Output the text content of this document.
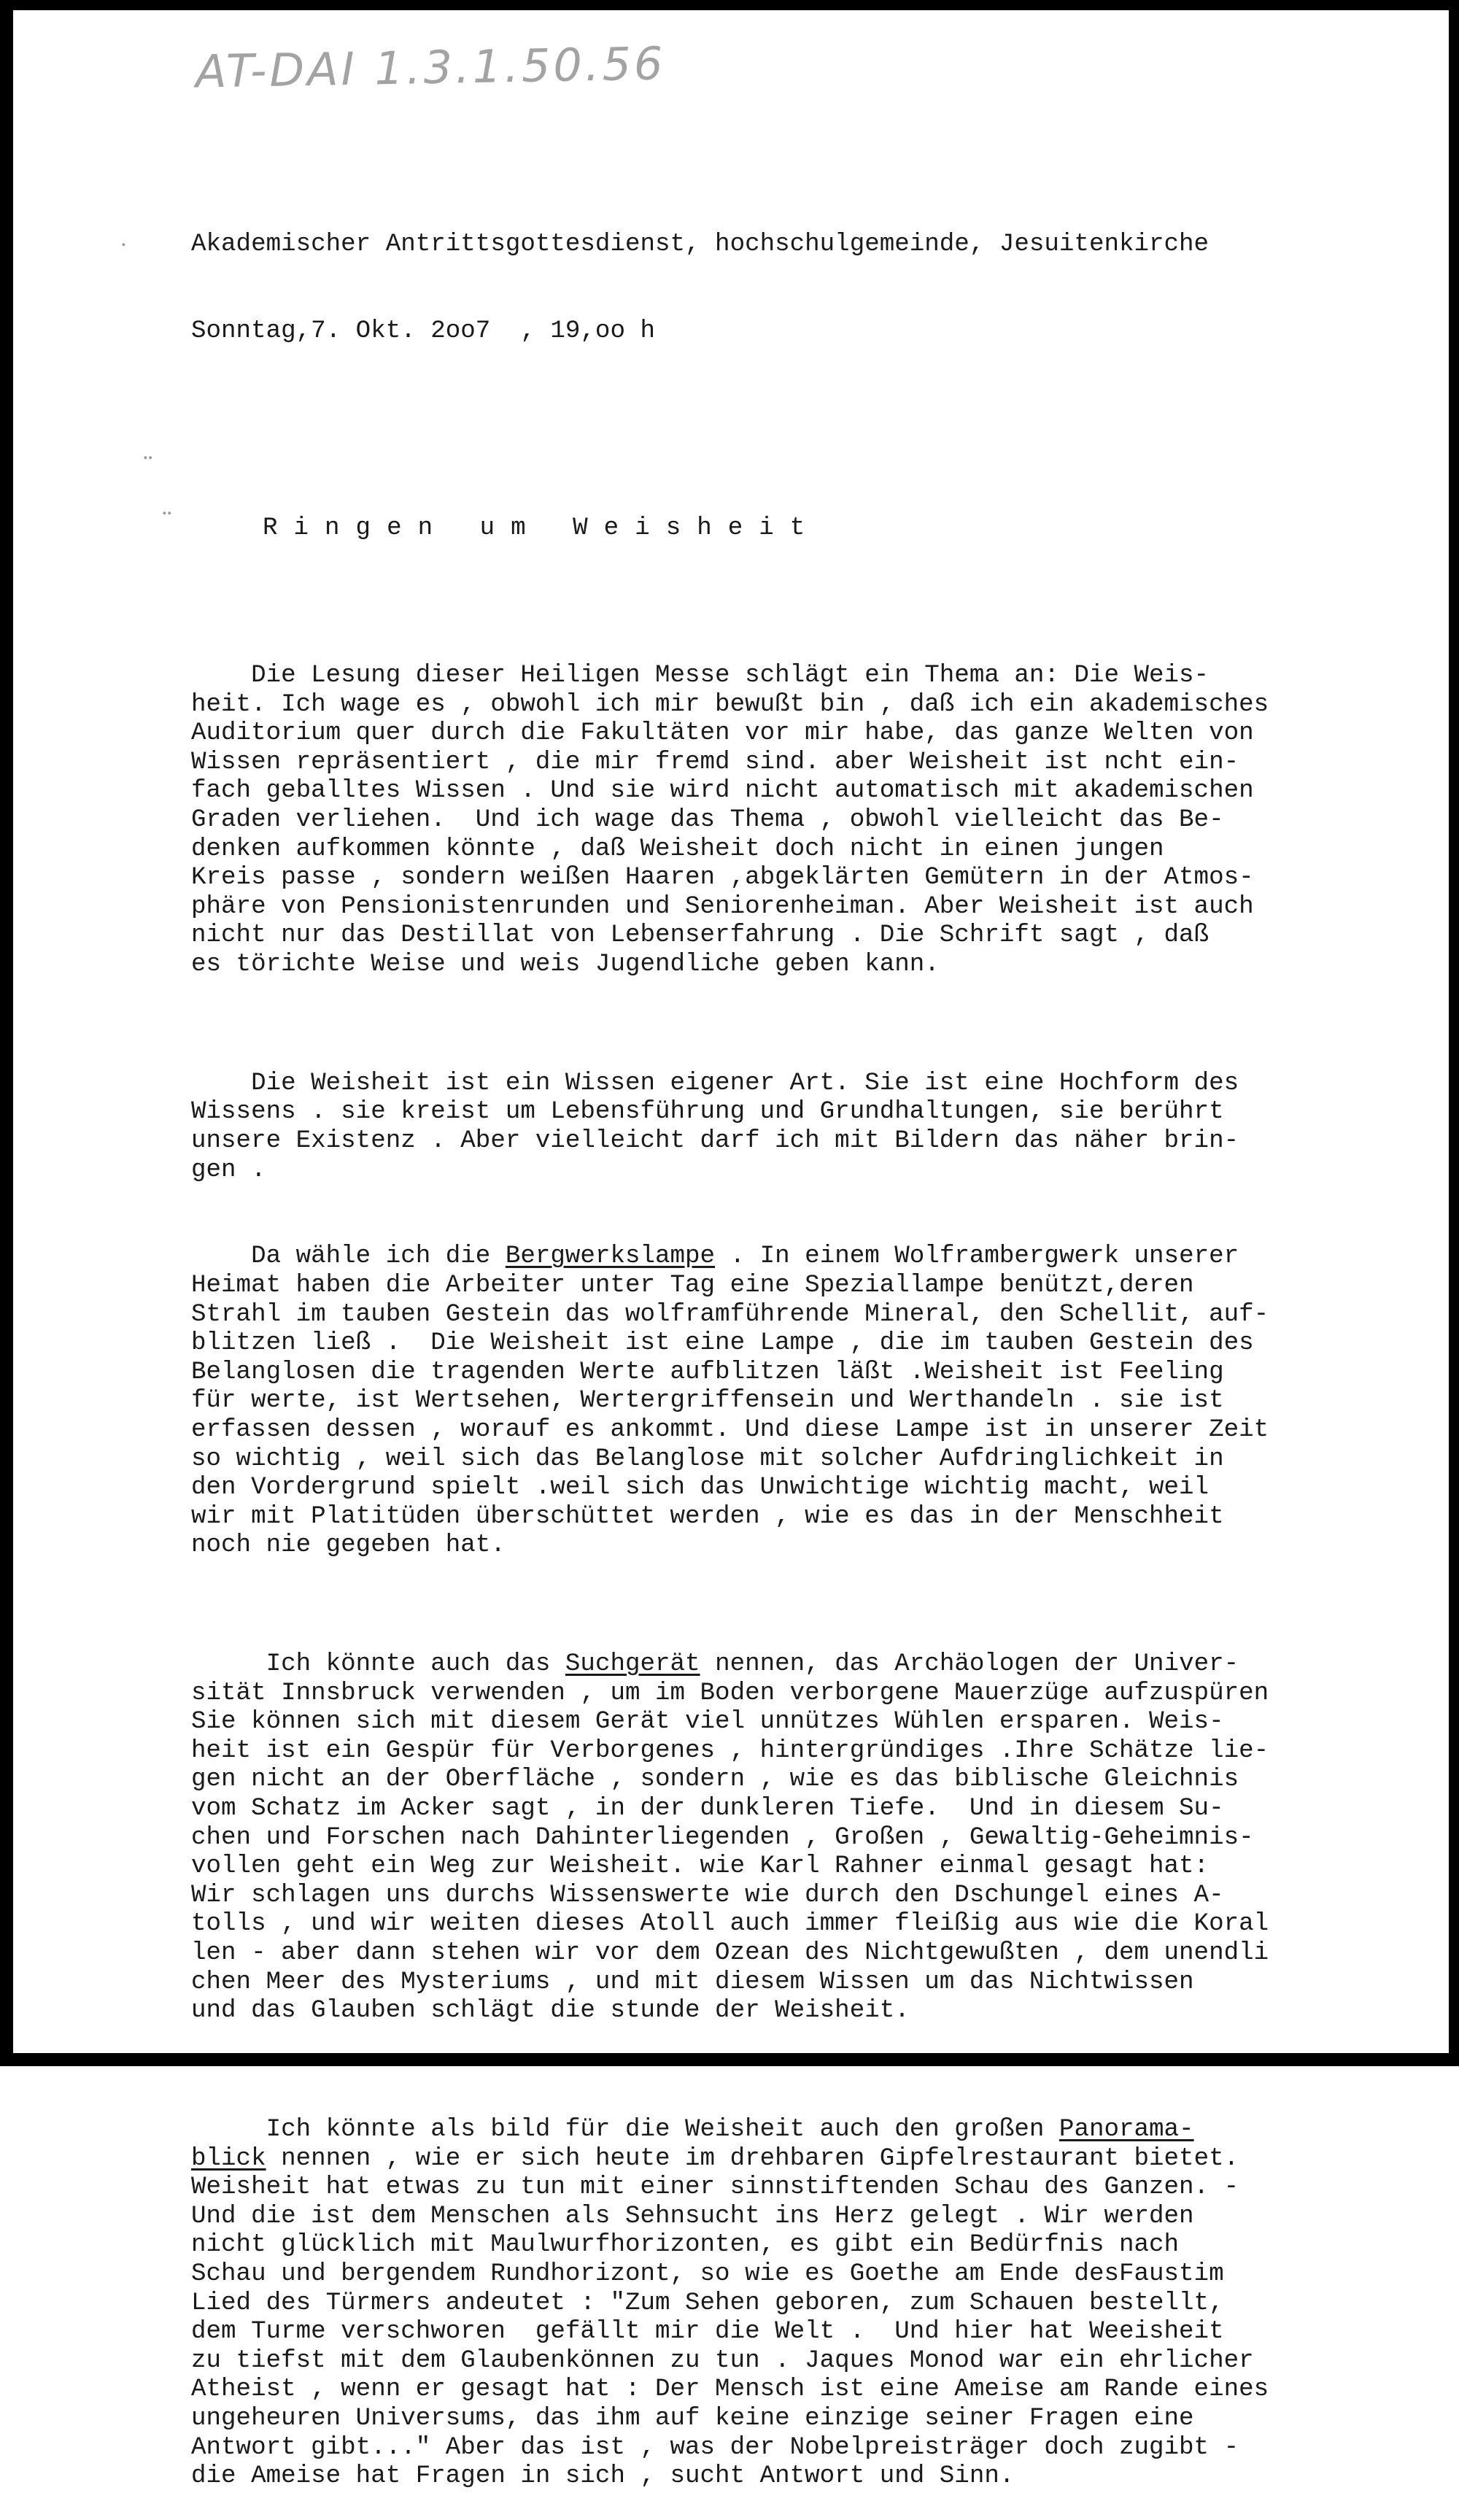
AT-DAI 1.3.1.50.56
ꞏꞏ
ꞏꞏ
ꞏ

	Akademischer Antrittsgottesdienst, hochschulgemeinde, Jesuitenkirche

Sonntag,7. Okt. 2oo7  , 19,oo h

Ringen um Weisheit

Die Lesung dieser Heiligen Messe schlägt ein Thema an: Die Weis-
heit. Ich wage es , obwohl ich mir bewußt bin , daß ich ein akademisches
Auditorium quer durch die Fakultäten vor mir habe, das ganze Welten von
Wissen repräsentiert , die mir fremd sind. aber Weisheit ist ncht ein-
fach geballtes Wissen . Und sie wird nicht automatisch mit akademischen
Graden verliehen.  Und ich wage das Thema , obwohl vielleicht das Be-
denken aufkommen könnte , daß Weisheit doch nicht in einen jungen
Kreis passe , sondern weißen Haaren ,abgeklärten Gemütern in der Atmos-
phäre von Pensionistenrunden und Seniorenheiman. Aber Weisheit ist auch
nicht nur das Destillat von Lebenserfahrung . Die Schrift sagt , daß
es törichte Weise und weis Jugendliche geben kann.

Die Weisheit ist ein Wissen eigener Art. Sie ist eine Hochform des
Wissens . sie kreist um Lebensführung und Grundhaltungen, sie berührt
unsere Existenz . Aber vielleicht darf ich mit Bildern das näher brin-
gen .

Da wähle ich die Bergwerkslampe . In einem Wolframbergwerk unserer
Heimat haben die Arbeiter unter Tag eine Speziallampe benützt,deren
Strahl im tauben Gestein das wolframführende Mineral, den Schellit, auf-
blitzen ließ .  Die Weisheit ist eine Lampe , die im tauben Gestein des
Belanglosen die tragenden Werte aufblitzen läßt .Weisheit ist Feeling
für werte, ist Wertsehen, Wertergriffensein und Werthandeln . sie ist
erfassen dessen , worauf es ankommt. Und diese Lampe ist in unserer Zeit
so wichtig , weil sich das Belanglose mit solcher Aufdringlichkeit in
den Vordergrund spielt .weil sich das Unwichtige wichtig macht, weil
wir mit Platitüden überschüttet werden , wie es das in der Menschheit
noch nie gegeben hat.

Ich könnte auch das Suchgerät nennen, das Archäologen der Univer-
sität Innsbruck verwenden , um im Boden verborgene Mauerzüge aufzuspüren
Sie können sich mit diesem Gerät viel unnützes Wühlen ersparen. Weis-
heit ist ein Gespür für Verborgenes , hintergründiges .Ihre Schätze lie-
gen nicht an der Oberfläche , sondern , wie es das biblische Gleichnis
vom Schatz im Acker sagt , in der dunkleren Tiefe.  Und in diesem Su-
chen und Forschen nach Dahinterliegenden , Großen , Gewaltig-Geheimnis-
vollen geht ein Weg zur Weisheit. wie Karl Rahner einmal gesagt hat:
Wir schlagen uns durchs Wissenswerte wie durch den Dschungel eines A-
tolls , und wir weiten dieses Atoll auch immer fleißig aus wie die Koral
len - aber dann stehen wir vor dem Ozean des Nichtgewußten , dem unendli
chen Meer des Mysteriums , und mit diesem Wissen um das Nichtwissen
und das Glauben schlägt die stunde der Weisheit.

Ich könnte als bild für die Weisheit auch den großen Panorama-
blick nennen , wie er sich heute im drehbaren Gipfelrestaurant bietet.
Weisheit hat etwas zu tun mit einer sinnstiftenden Schau des Ganzen. -
Und die ist dem Menschen als Sehnsucht ins Herz gelegt . Wir werden
nicht glücklich mit Maulwurfhorizonten, es gibt ein Bedürfnis nach
Schau und bergendem Rundhorizont, so wie es Goethe am Ende desFaustim
Lied des Türmers andeutet : "Zum Sehen geboren, zum Schauen bestellt,
dem Turme verschworen  gefällt mir die Welt .  Und hier hat Weeisheit
zu tiefst mit dem Glaubenkönnen zu tun . Jaques Monod war ein ehrlicher
Atheist , wenn er gesagt hat : Der Mensch ist eine Ameise am Rande eines
ungeheuren Universums, das ihm auf keine einzige seiner Fragen eine
Antwort gibt..." Aber das ist , was der Nobelpreisträger doch zugibt -
die Ameise hat Fragen in sich , sucht Antwort und Sinn.
